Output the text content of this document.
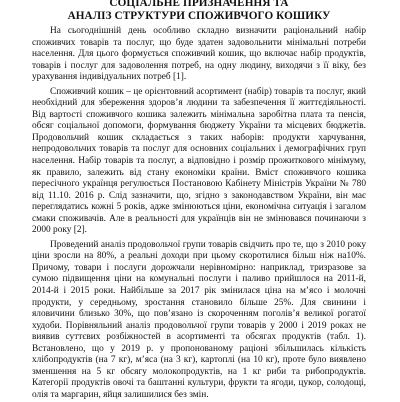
СОЦІАЛЬНЕ ПРИЗНАЧЕННЯ ТА
АНАЛІЗ СТРУКТУРИ СПОЖИВЧОГО КОШИКУ

На сьогоднішній день особливо складно визначити раціональний набір споживчих товарів та послуг, що буде здатен задовольнити мінімальні потреби населення. Для цього формується споживчий кошик, що включає набір продуктів, товарів і послуг для задоволення потреб, на одну людину, виходячи з її віку, без урахування індивідуальних потреб [1].

Споживчий кошик – це орієнтовний асортимент (набір) товарів та послуг, який необхідний для збереження здоров’я людини та забезпечення її життєдіяльності. Від вартості споживчого кошика залежить мінімальна заробітна плата та пенсія, обсяг соціальної допомоги, формування бюджету України та місцевих бюджетів. Продовольчий кошик складається з таких наборів: продукти харчування, непродовольчих товарів та послуг для основних соціальних і демографічних груп населення. Набір товарів та послуг, а відповідно і розмір прожиткового мінімуму, як правило, залежить від стану економіки країни. Вміст споживчого кошика пересічного українця регулюється Постановою Кабінету Міністрів України № 780 від 11.10. 2016 р. Слід зазначити, що, згідно з законодавством України, він має переглядатись кожні 5 років, адже змінюються ціни, економічна ситуація і загалом смаки споживачів. Але в реальності для українців він не змінювався починаючи з 2000 року [2].

Проведений аналіз продовольчої групи товарів свідчить про те, що з 2010 року ціни зросли на 80%, а реальні доходи при цьому скоротилися більш ніж на10%. Причому, товари і послуги дорожчали нерівномірно: наприклад, тризразове за сумою підвищення ціни на комунальні послуги і паливо прийшлося на 2011-й, 2014-й і 2015 роки. Найбільше за 2017 рік змінилася ціна на м’ясо і молочні продукти, у середньому, зростання становило більше 25%. Для свинини і яловичини близько 30%, що пов’язано із скороченням поголів’я великої рогатої худоби. Порівняльний аналіз продовольчої групи товарів у 2000 і 2019 роках не виявив суттєвих розбіжностей в асортименті та обсягах продуктів (табл. 1). Встановлено, що у 2019 р. у пропонованому раціоні збільшилась кількість хлібопродуктів (на 7 кг), м’яса (на 3 кг), картоплі (на 10 кг), проте було виявлено зменшення на 5 кг обсягу молокопродуктів, на 1 кг риби та рибопродуктів. Категорії продуктів овочі та баштанні культури, фрукти та ягоди, цукор, солодощі, олія та маргарин, яйця залишилися без змін.
